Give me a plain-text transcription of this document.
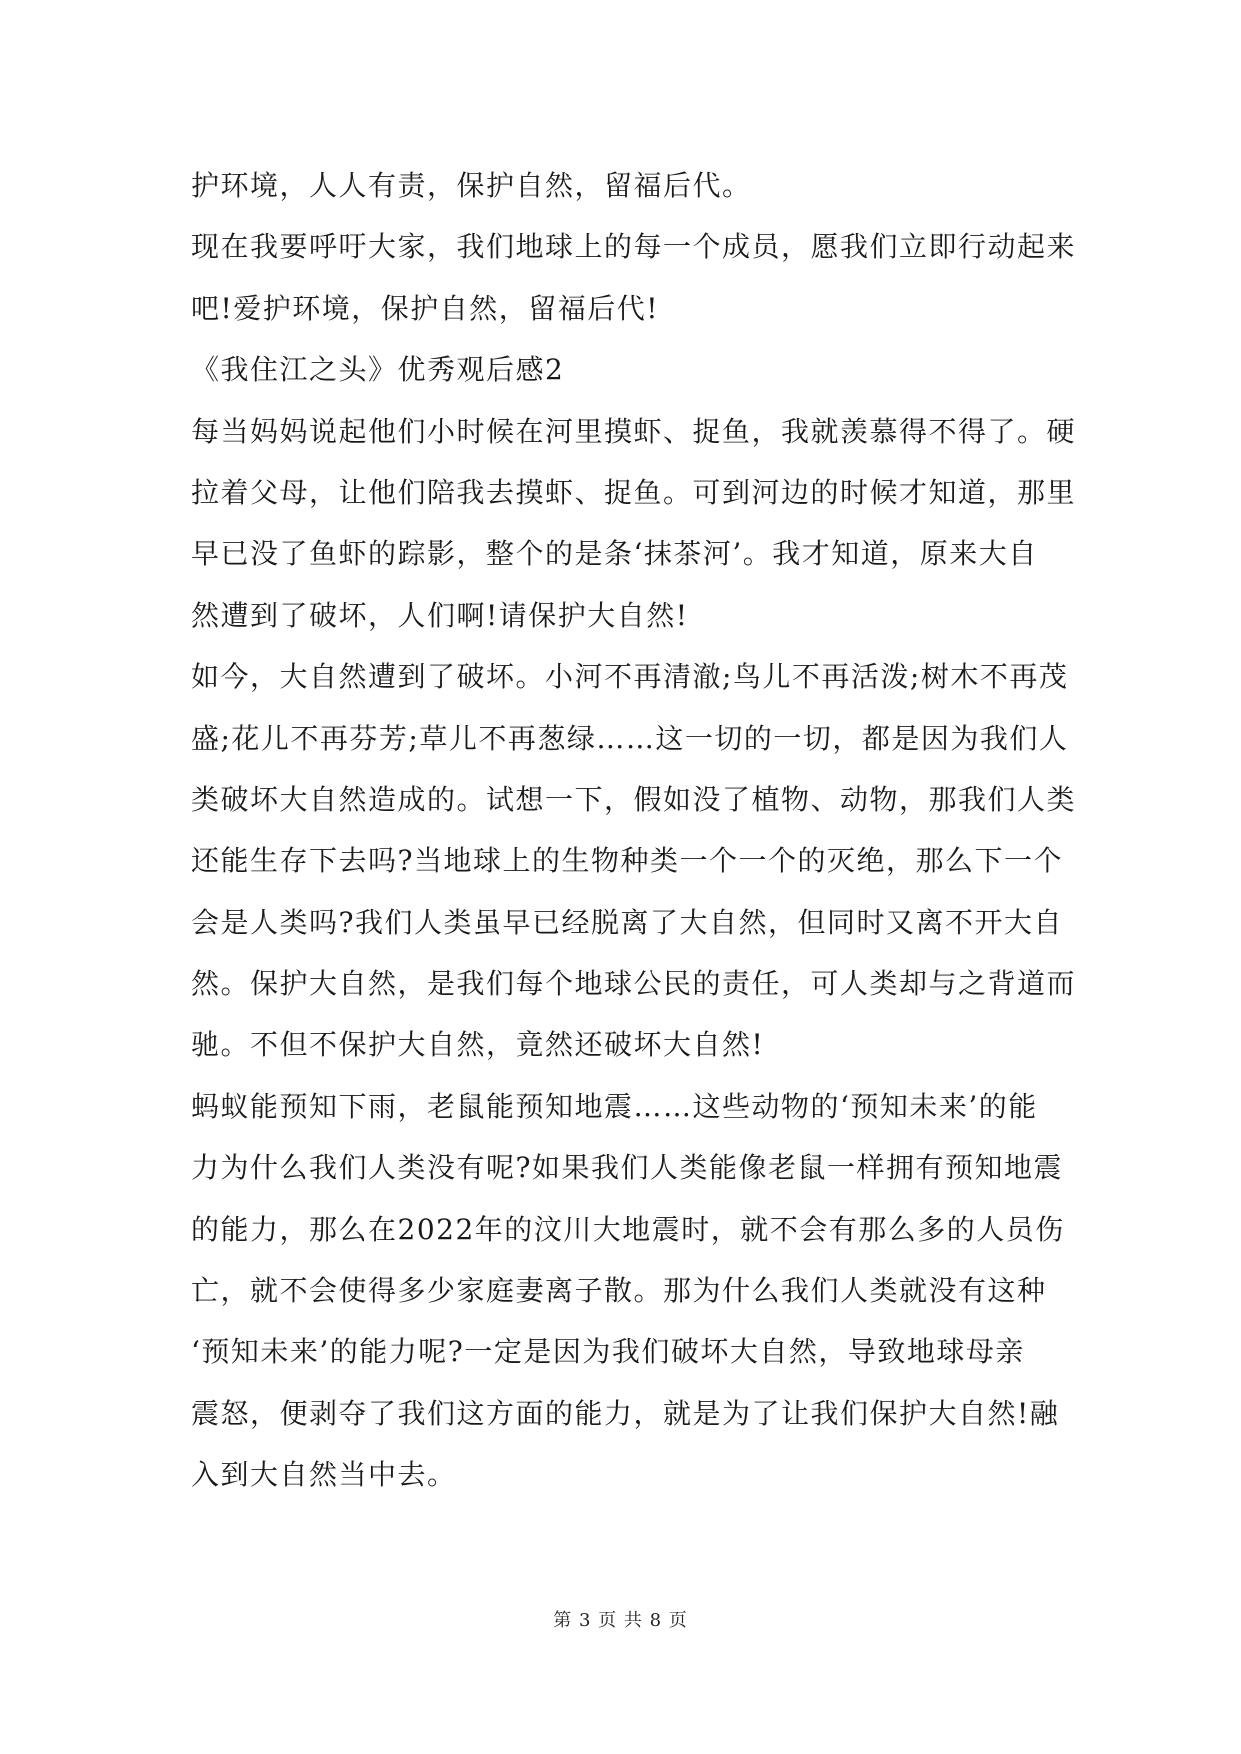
护环境，人人有责，保护自然，留福后代。
现在我要呼吁大家，我们地球上的每一个成员，愿我们立即行动起来
吧!爱护环境，保护自然，留福后代!
《我住江之头》优秀观后感2
每当妈妈说起他们小时候在河里摸虾、捉鱼，我就羡慕得不得了。硬
拉着父母，让他们陪我去摸虾、捉鱼。可到河边的时候才知道，那里
早已没了鱼虾的踪影，整个的是条‘抹茶河’。我才知道，原来大自
然遭到了破坏，人们啊!请保护大自然!
如今，大自然遭到了破坏。小河不再清澈;鸟儿不再活泼;树木不再茂
盛;花儿不再芬芳;草儿不再葱绿……这一切的一切，都是因为我们人
类破坏大自然造成的。试想一下，假如没了植物、动物，那我们人类
还能生存下去吗?当地球上的生物种类一个一个的灭绝，那么下一个
会是人类吗?我们人类虽早已经脱离了大自然，但同时又离不开大自
然。保护大自然，是我们每个地球公民的责任，可人类却与之背道而
驰。不但不保护大自然，竟然还破坏大自然!
蚂蚁能预知下雨，老鼠能预知地震……这些动物的‘预知未来’的能
力为什么我们人类没有呢?如果我们人类能像老鼠一样拥有预知地震
的能力，那么在2022年的汶川大地震时，就不会有那么多的人员伤
亡，就不会使得多少家庭妻离子散。那为什么我们人类就没有这种
‘预知未来’的能力呢?一定是因为我们破坏大自然，导致地球母亲
震怒，便剥夺了我们这方面的能力，就是为了让我们保护大自然!融
入到大自然当中去。
第 3 页 共 8 页
